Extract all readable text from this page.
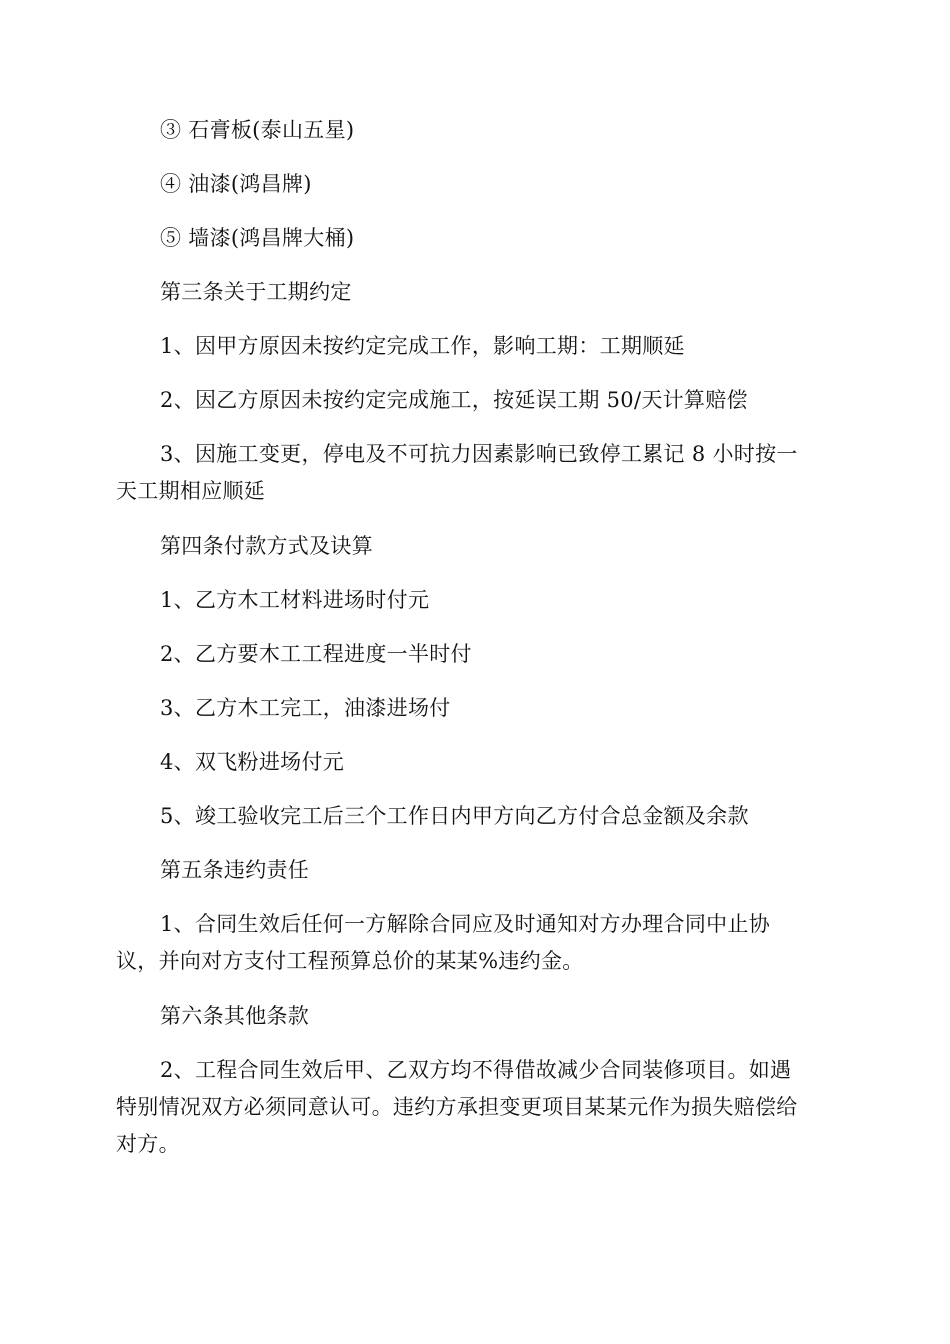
③ 石膏板(泰山五星)
④ 油漆(鸿昌牌)
⑤ 墙漆(鸿昌牌大桶)
第三条关于工期约定
1、因甲方原因未按约定完成工作，影响工期：工期顺延
2、因乙方原因未按约定完成施工，按延误工期 50/天计算赔偿
3、因施工变更，停电及不可抗力因素影响已致停工累记 8 小时按一
天工期相应顺延
第四条付款方式及诀算
1、乙方木工材料进场时付元
2、乙方要木工工程进度一半时付
3、乙方木工完工，油漆进场付
4、双飞粉进场付元
5、竣工验收完工后三个工作日内甲方向乙方付合总金额及余款
第五条违约责任
1、合同生效后任何一方解除合同应及时通知对方办理合同中止协
议，并向对方支付工程预算总价的某某%违约金。
第六条其他条款
2、工程合同生效后甲、乙双方均不得借故减少合同装修项目。如遇
特别情况双方必须同意认可。违约方承担变更项目某某元作为损失赔偿给
对方。
